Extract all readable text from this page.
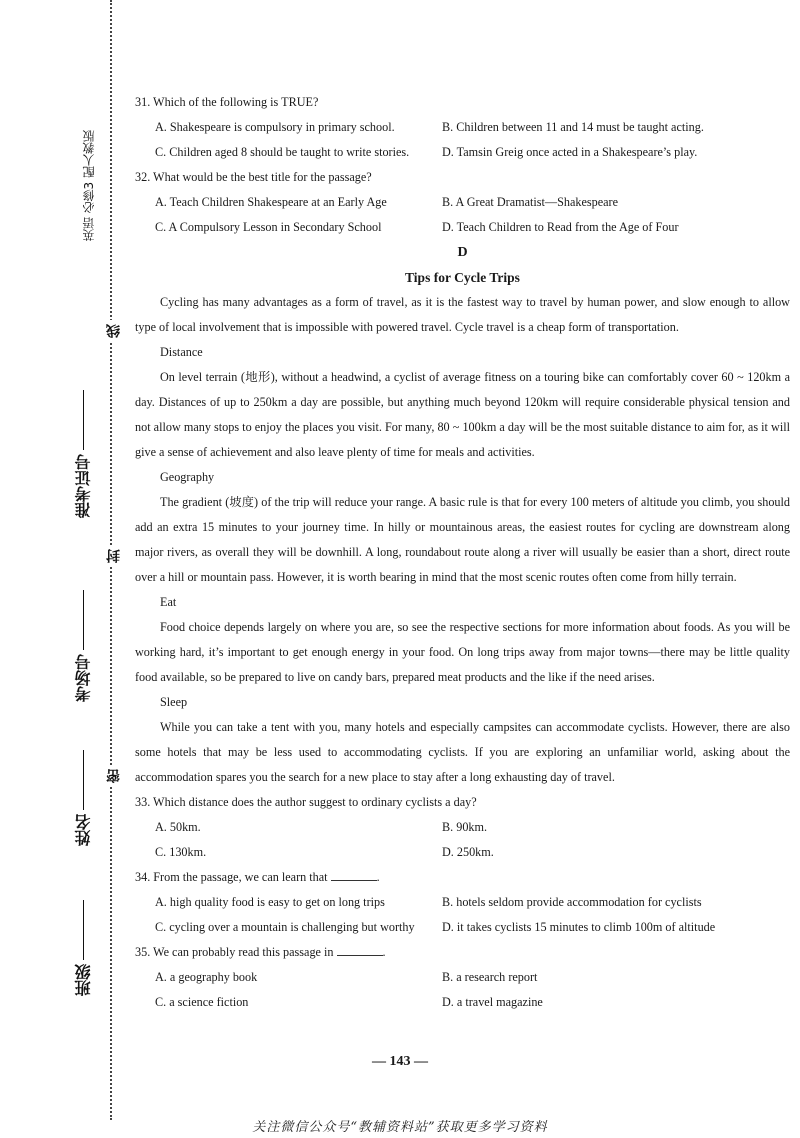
英语 必修3 配人教版
准考证号
考场号
姓名
班级
线
封
密
31. Which of the following is TRUE?
A. Shakespeare is compulsory in primary school.	B. Children between 11 and 14 must be taught acting.
C. Children aged 8 should be taught to write stories.	D. Tamsin Greig once acted in a Shakespeare’s play.
32. What would be the best title for the passage?
A. Teach Children Shakespeare at an Early Age	B. A Great Dramatist—Shakespeare
C. A Compulsory Lesson in Secondary School	D. Teach Children to Read from the Age of Four
D
Tips for Cycle Trips
Cycling has many advantages as a form of travel, as it is the fastest way to travel by human power, and slow enough to allow type of local involvement that is impossible with powered travel. Cycle travel is a cheap form of transportation.
Distance
On level terrain (地形), without a headwind, a cyclist of average fitness on a touring bike can comfortably cover 60 ~ 120km a day. Distances of up to 250km a day are possible, but anything much beyond 120km will require considerable physical tension and not allow many stops to enjoy the places you visit. For many, 80 ~ 100km a day will be the most suitable distance to aim for, as it will give a sense of achievement and also leave plenty of time for meals and activities.
Geography
The gradient (坡度) of the trip will reduce your range. A basic rule is that for every 100 meters of altitude you climb, you should add an extra 15 minutes to your journey time. In hilly or mountainous areas, the easiest routes for cycling are downstream along major rivers, as overall they will be downhill. A long, roundabout route along a river will usually be easier than a short, direct route over a hill or mountain pass. However, it is worth bearing in mind that the most scenic routes often come from hilly terrain.
Eat
Food choice depends largely on where you are, so see the respective sections for more information about foods. As you will be working hard, it’s important to get enough energy in your food. On long trips away from major towns—there may be little quality food available, so be prepared to live on candy bars, prepared meat products and the like if the need arises.
Sleep
While you can take a tent with you, many hotels and especially campsites can accommodate cyclists. However, there are also some hotels that may be less used to accommodating cyclists. If you are exploring an unfamiliar world, asking about the accommodation spares you the search for a new place to stay after a long exhausting day of travel.
33. Which distance does the author suggest to ordinary cyclists a day?
A. 50km.	B. 90km.
C. 130km.	D. 250km.
34. From the passage, we can learn that	.
A. high quality food is easy to get on long trips	B. hotels seldom provide accommodation for cyclists
C. cycling over a mountain is challenging but worthy	D. it takes cyclists 15 minutes to climb 100m of altitude
35. We can probably read this passage in	.
A. a geography book	B. a research report
C. a science fiction	D. a travel magazine
— 143 —
关注微信公众号“教辅资料站”获取更多学习资料
